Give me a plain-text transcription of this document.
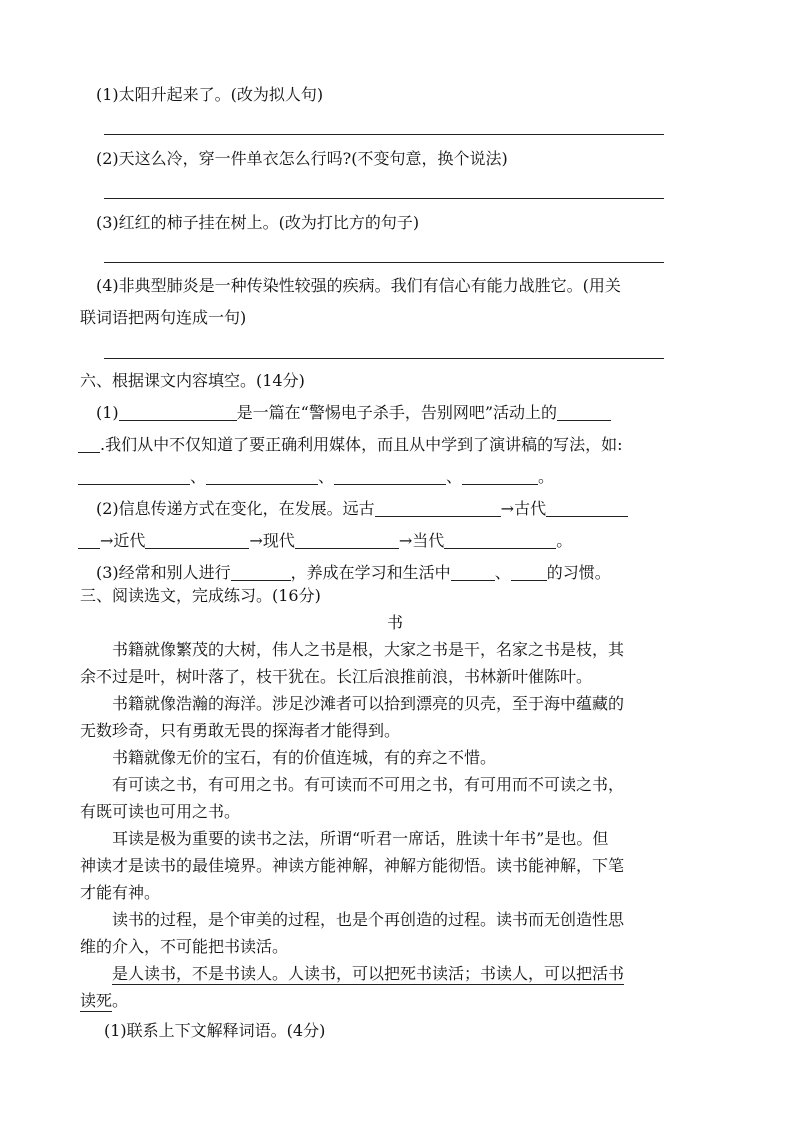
(1)太阳升起来了。(改为拟人句)
(2)天这么冷，穿一件单衣怎么行吗?(不变句意，换个说法)
(3)红红的柿子挂在树上。(改为打比方的句子)
(4)非典型肺炎是一种传染性较强的疾病。我们有信心有能力战胜它。(用关
联词语把两句连成一句)
六、根据课文内容填空。(14分)
(1)	是一篇在“警惕电子杀手，告别网吧”活动上的
.我们从中不仅知道了要正确利用媒体，而且从中学到了演讲稿的写法，如:
、	、	、	。
(2)信息传递方式在变化，在发展。远古	→古代
→近代	→现代	→当代	。
(3)经常和别人进行	，养成在学习和生活中	、 的习惯。
三、阅读选文，完成练习。(16分)
书
书籍就像繁茂的大树，伟人之书是根，大家之书是干，名家之书是枝，其
余不过是叶，树叶落了，枝干犹在。长江后浪推前浪，书林新叶催陈叶。
书籍就像浩瀚的海洋。涉足沙滩者可以拾到漂亮的贝壳，至于海中蕴藏的
无数珍奇，只有勇敢无畏的探海者才能得到。
书籍就像无价的宝石，有的价值连城，有的弃之不惜。
有可读之书，有可用之书。有可读而不可用之书，有可用而不可读之书，
有既可读也可用之书。
耳读是极为重要的读书之法，所谓“听君一席话，胜读十年书”是也。但
神读才是读书的最佳境界。神读方能神解，神解方能彻悟。读书能神解，下笔
才能有神。
读书的过程，是个审美的过程，也是个再创造的过程。读书而无创造性思
维的介入，不可能把书读活。
是人读书，不是书读人。人读书，可以把死书读活；书读人，可以把活书
读死。
(1)联系上下文解释词语。(4分)
